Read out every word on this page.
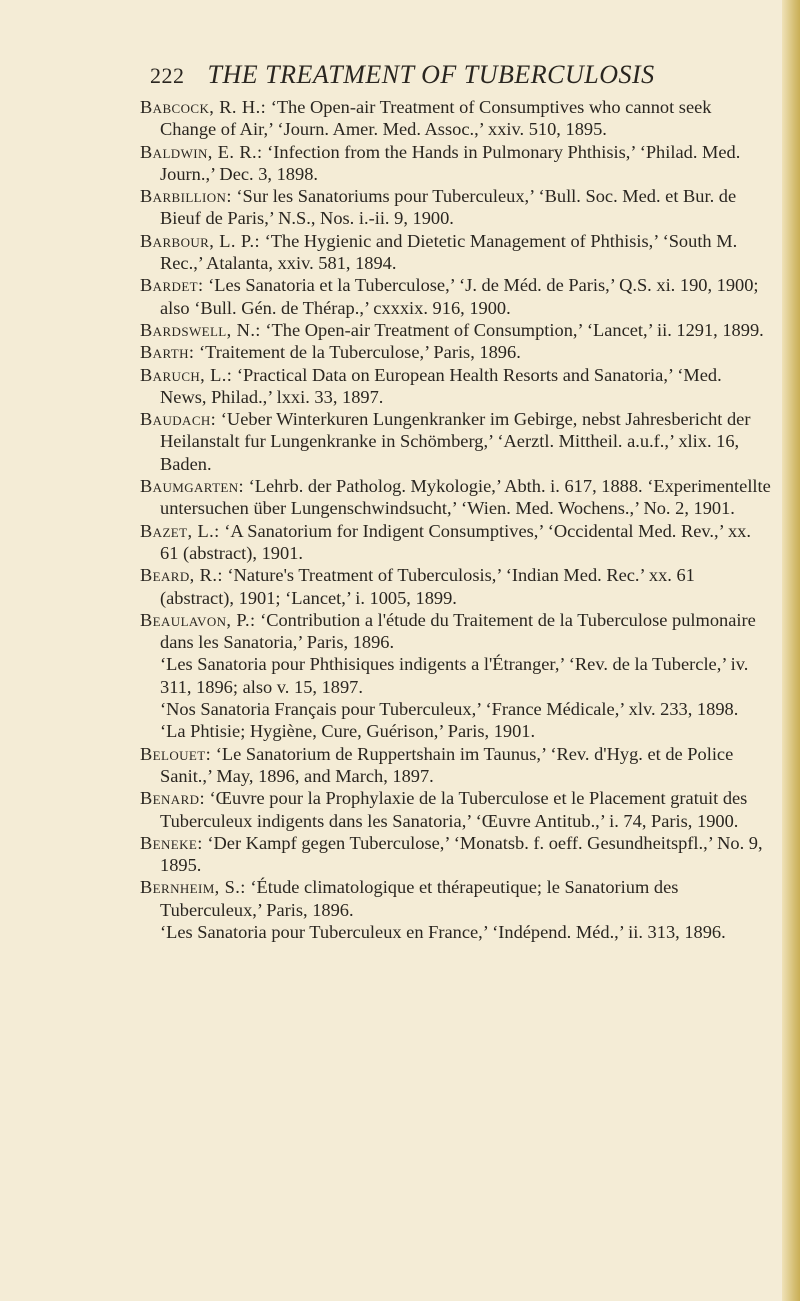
222 THE TREATMENT OF TUBERCULOSIS

Babcock, R. H.: ‘The Open-air Treatment of Consumptives who cannot seek Change of Air,’ ‘Journ. Amer. Med. Assoc.,’ xxiv. 510, 1895.

Baldwin, E. R.: ‘Infection from the Hands in Pulmonary Phthisis,’ ‘Philad. Med. Journ.,’ Dec. 3, 1898.

Barbillion: ‘Sur les Sanatoriums pour Tuberculeux,’ ‘Bull. Soc. Med. et Bur. de Bieuf de Paris,’ N.S., Nos. i.-ii. 9, 1900.

Barbour, L. P.: ‘The Hygienic and Dietetic Management of Phthisis,’ ‘South M. Rec.,’ Atalanta, xxiv. 581, 1894.

Bardet: ‘Les Sanatoria et la Tuberculose,’ ‘J. de Méd. de Paris,’ Q.S. xi. 190, 1900; also ‘Bull. Gén. de Thérap.,’ cxxxix. 916, 1900.

Bardswell, N.: ‘The Open-air Treatment of Consumption,’ ‘Lancet,’ ii. 1291, 1899.

Barth: ‘Traitement de la Tuberculose,’ Paris, 1896.

Baruch, L.: ‘Practical Data on European Health Resorts and Sanatoria,’ ‘Med. News, Philad.,’ lxxi. 33, 1897.

Baudach: ‘Ueber Winterkuren Lungenkranker im Gebirge, nebst Jahresbericht der Heilanstalt fur Lungenkranke in Schömberg,’ ‘Aerztl. Mittheil. a.u.f.,’ xlix. 16, Baden.

Baumgarten: ‘Lehrb. der Patholog. Mykologie,’ Abth. i. 617, 1888. ‘Experimentellte untersuchen über Lungenschwindsucht,’ ‘Wien. Med. Wochens.,’ No. 2, 1901.

Bazet, L.: ‘A Sanatorium for Indigent Consumptives,’ ‘Occidental Med. Rev.,’ xx. 61 (abstract), 1901.

Beard, R.: ‘Nature's Treatment of Tuberculosis,’ ‘Indian Med. Rec.’ xx. 61 (abstract), 1901; ‘Lancet,’ i. 1005, 1899.

Beaulavon, P.: ‘Contribution a l'étude du Traitement de la Tuberculose pulmonaire dans les Sanatoria,’ Paris, 1896.

‘Les Sanatoria pour Phthisiques indigents a l'Étranger,’ ‘Rev. de la Tubercle,’ iv. 311, 1896; also v. 15, 1897.

‘Nos Sanatoria Français pour Tuberculeux,’ ‘France Médicale,’ xlv. 233, 1898.

‘La Phtisie; Hygiène, Cure, Guérison,’ Paris, 1901.

Belouet: ‘Le Sanatorium de Ruppertshain im Taunus,’ ‘Rev. d'Hyg. et de Police Sanit.,’ May, 1896, and March, 1897.

Benard: ‘Œuvre pour la Prophylaxie de la Tuberculose et le Placement gratuit des Tuberculeux indigents dans les Sanatoria,’ ‘Œuvre Antitub.,’ i. 74, Paris, 1900.

Beneke: ‘Der Kampf gegen Tuberculose,’ ‘Monatsb. f. oeff. Gesundheitspfl.,’ No. 9, 1895.

Bernheim, S.: ‘Étude climatologique et thérapeutique; le Sanatorium des Tuberculeux,’ Paris, 1896.

‘Les Sanatoria pour Tuberculeux en France,’ ‘Indépend. Méd.,’ ii. 313, 1896.
